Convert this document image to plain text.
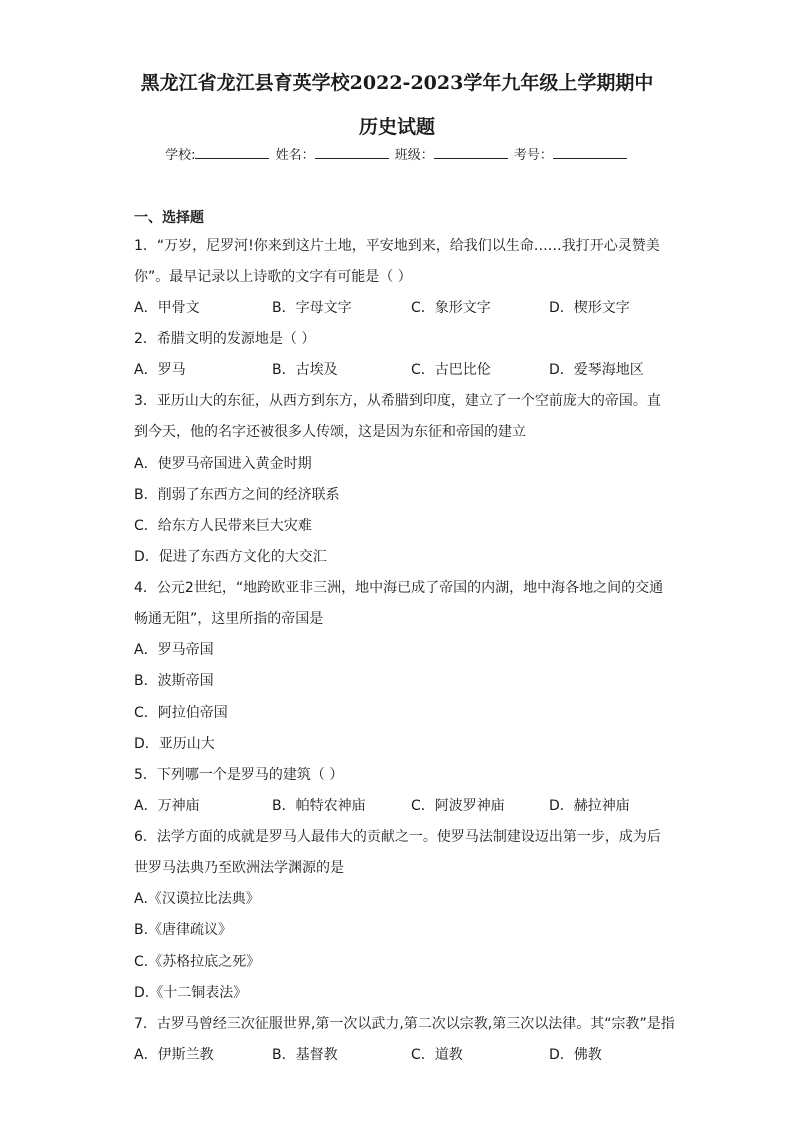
黑龙江省龙江县育英学校2022-2023学年九年级上学期期中
历史试题
学校:	姓名：	班级：	考号：
一、选择题
1．“万岁，尼罗河!你来到这片土地，平安地到来，给我们以生命……我打开心灵赞美
你”。最早记录以上诗歌的文字有可能是（ ）
A．甲骨文	B．字母文字	C．象形文字	D．楔形文字
2．希腊文明的发源地是（ ）
A．罗马	B．古埃及	C．古巴比伦	D．爱琴海地区
3．亚历山大的东征，从西方到东方，从希腊到印度，建立了一个空前庞大的帝国。直
到今天，他的名字还被很多人传颂，这是因为东征和帝国的建立
A．使罗马帝国进入黄金时期
B．削弱了东西方之间的经济联系
C．给东方人民带来巨大灾难
D．促进了东西方文化的大交汇
4．公元2世纪，“地跨欧亚非三洲，地中海已成了帝国的内湖，地中海各地之间的交通
畅通无阻”，这里所指的帝国是
A．罗马帝国
B．波斯帝国
C．阿拉伯帝国
D．亚历山大
5．下列哪一个是罗马的建筑（ ）
A．万神庙	B．帕特农神庙	C．阿波罗神庙	D．赫拉神庙
6．法学方面的成就是罗马人最伟大的贡献之一。使罗马法制建设迈出第一步，成为后
世罗马法典乃至欧洲法学渊源的是
A.《汉谟拉比法典》
B.《唐律疏议》
C.《苏格拉底之死》
D.《十二铜表法》
7．古罗马曾经三次征服世界,第一次以武力,第二次以宗教,第三次以法律。其“宗教”是指
A．伊斯兰教	B．基督教	C．道教	D．佛教
